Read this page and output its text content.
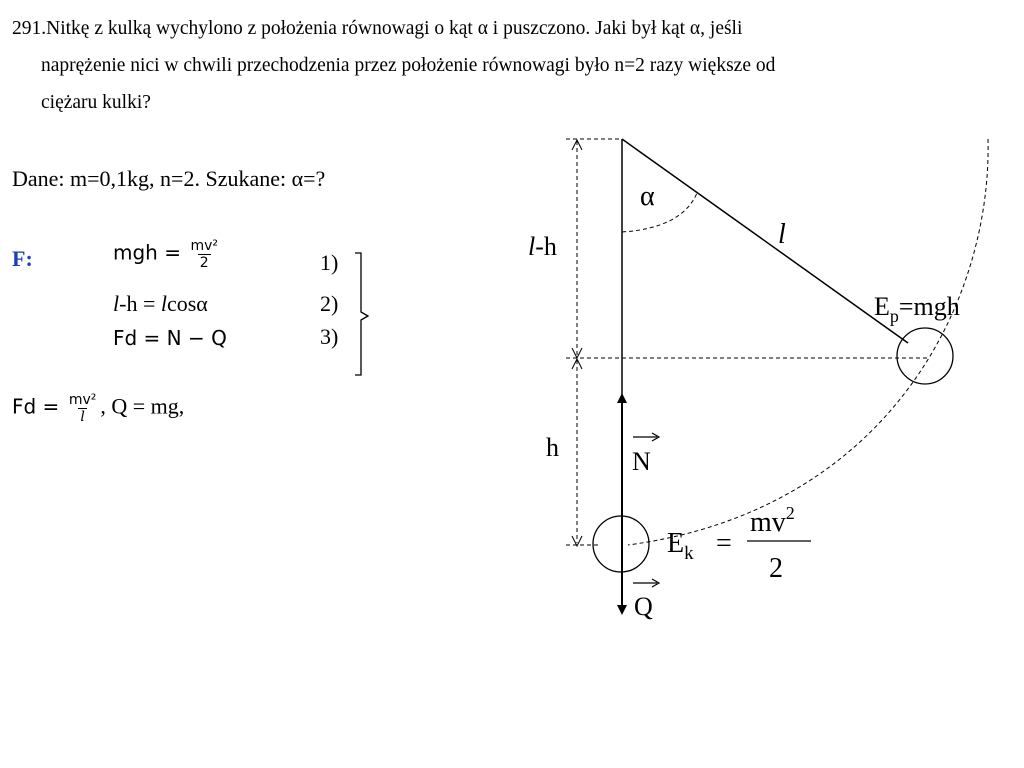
291.Nitkę z kulką wychylono z położenia równowagi o kąt α i puszczono. Jaki był kąt α, jeśli
naprężenie nici w chwili przechodzenia przez położenie równowagi było n=2 razy większe od
ciężaru kulki?
Dane: m=0,1kg, n=2. Szukane: α=?
F:	mgh = $\frac{\text{mv²}}{2}$	1)
l-h = lcosα	2)
Fd = N − Q	3)
$Fd = \frac{\text{mv²}}{l}$ , Q = mg,
α
l
l-h
h
$E_p=mgh$
N
Q
$E_k$ =
$mv^2$
2
